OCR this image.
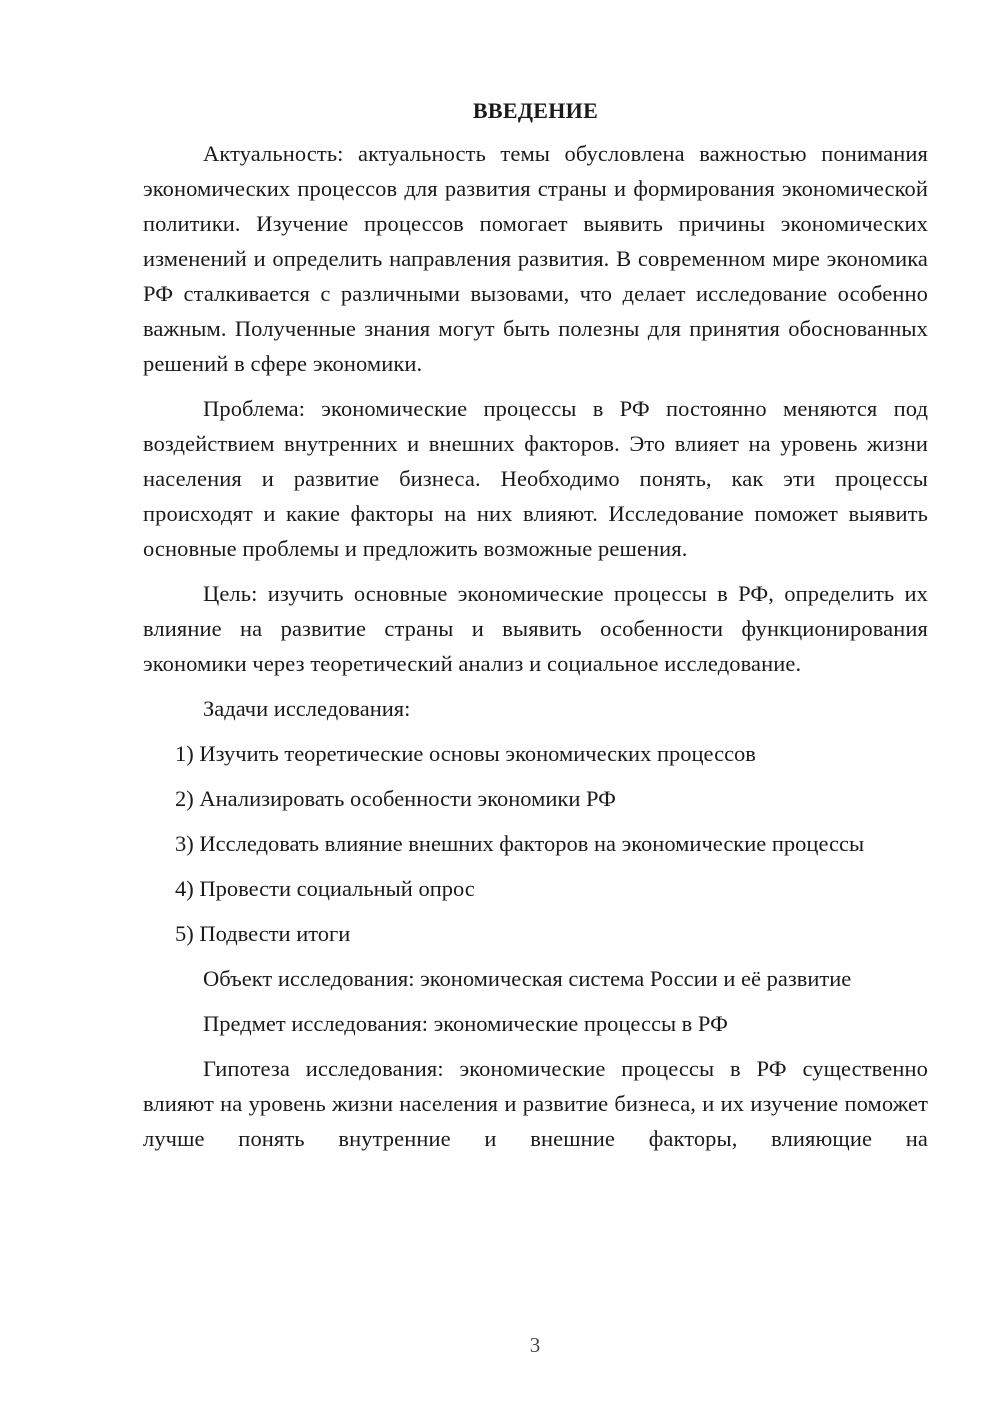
ВВЕДЕНИЕ

Актуальность: актуальность темы обусловлена важностью понимания экономических процессов для развития страны и формирования экономической политики. Изучение процессов помогает выявить причины экономических изменений и определить направления развития. В современном мире экономика РФ сталкивается с различными вызовами, что делает исследование особенно важным. Полученные знания могут быть полезны для принятия обоснованных решений в сфере экономики.

Проблема: экономические процессы в РФ постоянно меняются под воздействием внутренних и внешних факторов. Это влияет на уровень жизни населения и развитие бизнеса. Необходимо понять, как эти процессы происходят и какие факторы на них влияют. Исследование поможет выявить основные проблемы и предложить возможные решения.

Цель: изучить основные экономические процессы в РФ, определить их влияние на развитие страны и выявить особенности функционирования экономики через теоретический анализ и социальное исследование.

Задачи исследования:

1) Изучить теоретические основы экономических процессов

2) Анализировать особенности экономики РФ

3) Исследовать влияние внешних факторов на экономические процессы

4) Провести социальный опрос

5) Подвести итоги

Объект исследования: экономическая система России и её развитие

Предмет исследования: экономические процессы в РФ

Гипотеза исследования: экономические процессы в РФ существенно влияют на уровень жизни населения и развитие бизнеса, и их изучение поможет лучше понять внутренние и внешние факторы, влияющие на

3
